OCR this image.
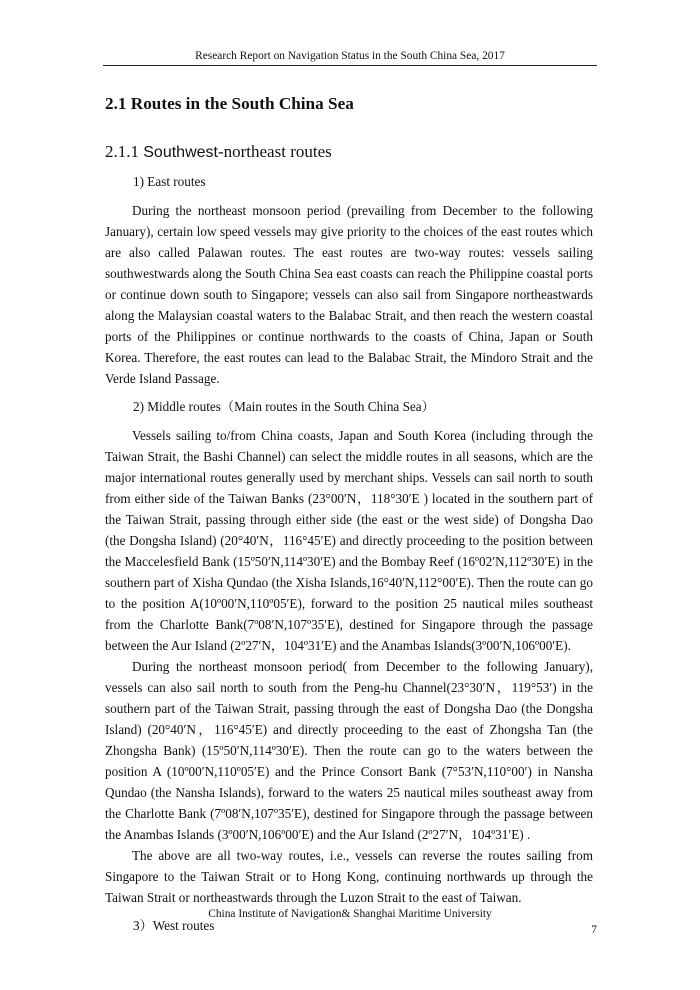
Research Report on Navigation Status in the South China Sea, 2017
2.1 Routes in the South China Sea
2.1.1 Southwest-northeast routes
1) East routes

During the northeast monsoon period (prevailing from December to the following January), certain low speed vessels may give priority to the choices of the east routes which are also called Palawan routes. The east routes are two-way routes: vessels sailing southwestwards along the South China Sea east coasts can reach the Philippine coastal ports or continue down south to Singapore; vessels can also sail from Singapore northeastwards along the Malaysian coastal waters to the Balabac Strait, and then reach the western coastal ports of the Philippines or continue northwards to the coasts of China, Japan or South Korea. Therefore, the east routes can lead to the Balabac Strait, the Mindoro Strait and the Verde Island Passage.

2) Middle routes（Main routes in the South China Sea）

Vessels sailing to/from China coasts, Japan and South Korea (including through the Taiwan Strait, the Bashi Channel) can select the middle routes in all seasons, which are the major international routes generally used by merchant ships. Vessels can sail north to south from either side of the Taiwan Banks (23°00′N，118°30′E ) located in the southern part of the Taiwan Strait, passing through either side (the east or the west side) of Dongsha Dao (the Dongsha Island) (20°40′N，116°45′E) and directly proceeding to the position between the Maccelesfield Bank (15º50′N,114º30′E) and the Bombay Reef (16º02′N,112º30′E) in the southern part of Xisha Qundao (the Xisha Islands,16°40′N,112°00′E). Then the route can go to the position A(10º00′N,110º05′E), forward to the position 25 nautical miles southeast from the Charlotte Bank(7º08′N,107º35′E), destined for Singapore through the passage between the Aur Island (2º27′N，104º31′E) and the Anambas Islands(3º00′N,106º00′E).

During the northeast monsoon period( from December to the following January), vessels can also sail north to south from the Peng-hu Channel(23°30′N，119°53′) in the southern part of the Taiwan Strait, passing through the east of Dongsha Dao (the Dongsha Island) (20°40′N，116°45′E) and directly proceeding to the east of Zhongsha Tan (the Zhongsha Bank) (15º50′N,114º30′E). Then the route can go to the waters between the position A (10º00′N,110º05′E) and the Prince Consort Bank (7°53′N,110°00′) in Nansha Qundao (the Nansha Islands), forward to the waters 25 nautical miles southeast away from the Charlotte Bank (7º08′N,107º35′E), destined for Singapore through the passage between the Anambas Islands (3º00′N,106º00′E) and the Aur Island (2º27′N，104º31′E) .

The above are all two-way routes, i.e., vessels can reverse the routes sailing from Singapore to the Taiwan Strait or to Hong Kong, continuing northwards up through the Taiwan Strait or northeastwards through the Luzon Strait to the east of Taiwan.

3）West routes
China Institute of Navigation& Shanghai Maritime University
7
